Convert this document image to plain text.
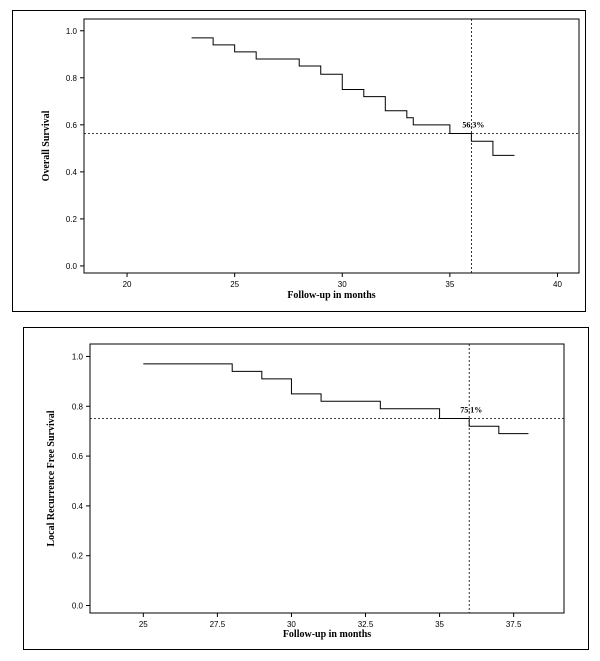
20	25	30	35	40
0.0
0.2
0.4
0.6
0.8
1.0
56.3%
Follow-up in months
Overall Survival
25	27.5	30	32.5	35	37.5
0.0
0.2
0.4
0.6
0.8
1.0
75.1%
Follow-up in months
Local Recurrence Free Survival
